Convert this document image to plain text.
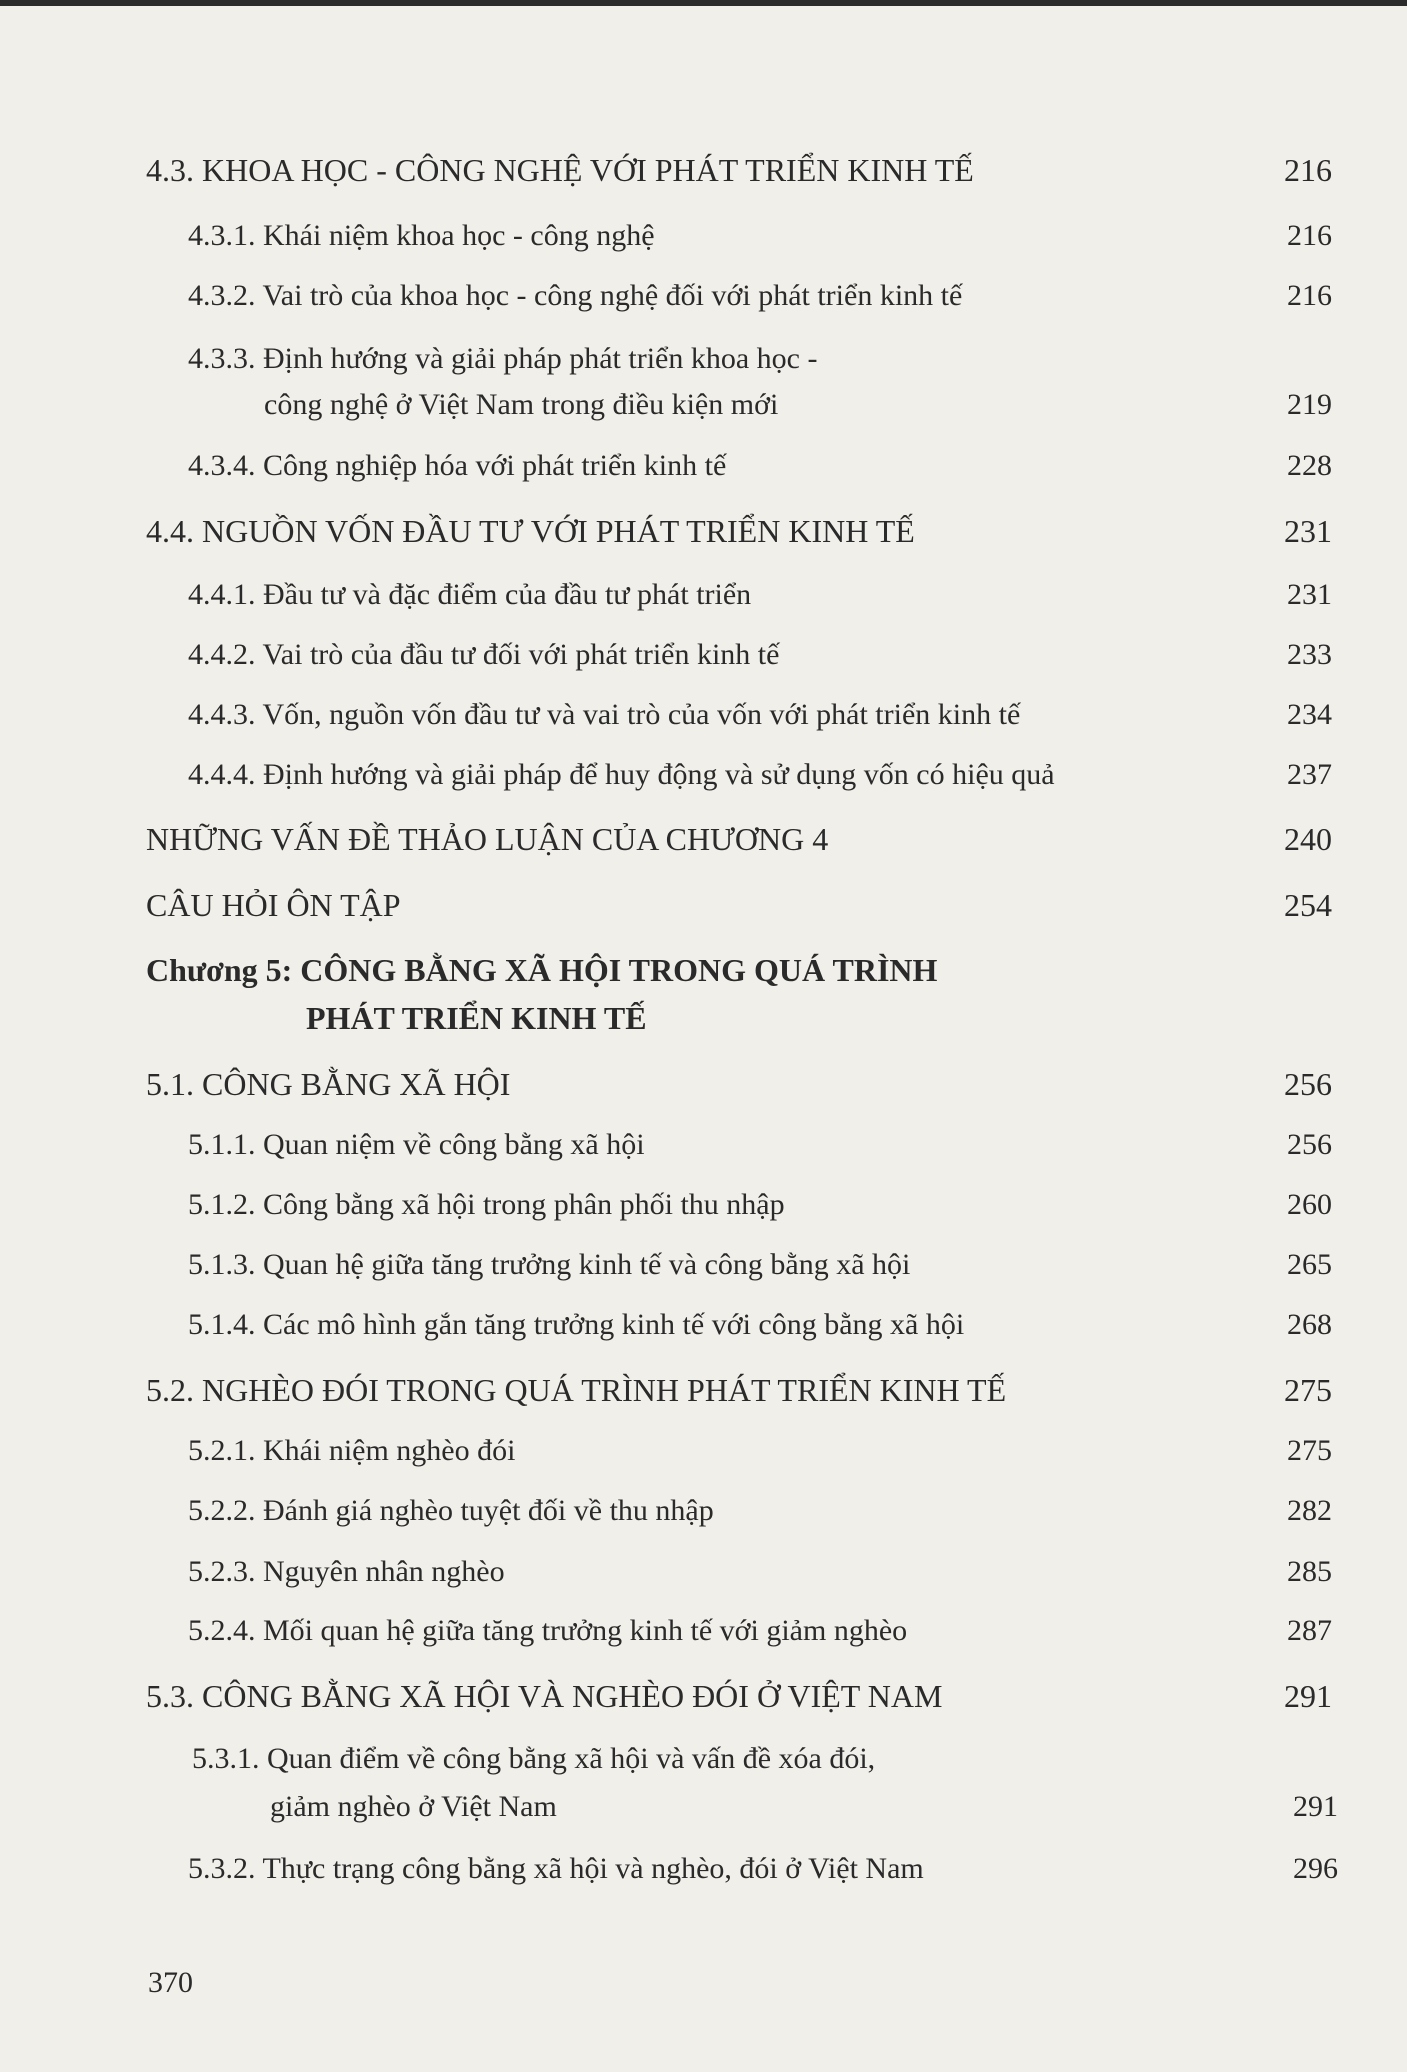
4.3. KHOA HỌC - CÔNG NGHỆ VỚI PHÁT TRIỂN KINH TẾ	216
4.3.1. Khái niệm khoa học - công nghệ	216
4.3.2. Vai trò của khoa học - công nghệ đối với phát triển kinh tế	216
4.3.3. Định hướng và giải pháp phát triển khoa học -
công nghệ ở Việt Nam trong điều kiện mới	219
4.3.4. Công nghiệp hóa với phát triển kinh tế	228
4.4. NGUỒN VỐN ĐẦU TƯ VỚI PHÁT TRIỂN KINH TẾ	231
4.4.1. Đầu tư và đặc điểm của đầu tư phát triển	231
4.4.2. Vai trò của đầu tư đối với phát triển kinh tế	233
4.4.3. Vốn, nguồn vốn đầu tư và vai trò của vốn với phát triển kinh tế	234
4.4.4. Định hướng và giải pháp để huy động và sử dụng vốn có hiệu quả	237
NHỮNG VẤN ĐỀ THẢO LUẬN CỦA CHƯƠNG 4	240
CÂU HỎI ÔN TẬP	254
Chương 5: CÔNG BẰNG XÃ HỘI TRONG QUÁ TRÌNH
PHÁT TRIỂN KINH TẾ
5.1. CÔNG BẰNG XÃ HỘI	256
5.1.1. Quan niệm về công bằng xã hội	256
5.1.2. Công bằng xã hội trong phân phối thu nhập	260
5.1.3. Quan hệ giữa tăng trưởng kinh tế và công bằng xã hội	265
5.1.4. Các mô hình gắn tăng trưởng kinh tế với công bằng xã hội	268
5.2. NGHÈO ĐÓI TRONG QUÁ TRÌNH PHÁT TRIỂN KINH TẾ	275
5.2.1. Khái niệm nghèo đói	275
5.2.2. Đánh giá nghèo tuyệt đối về thu nhập	282
5.2.3. Nguyên nhân nghèo	285
5.2.4. Mối quan hệ giữa tăng trưởng kinh tế với giảm nghèo	287
5.3. CÔNG BẰNG XÃ HỘI VÀ NGHÈO ĐÓI Ở VIỆT NAM	291
5.3.1. Quan điểm về công bằng xã hội và vấn đề xóa đói,
giảm nghèo ở Việt Nam	291
5.3.2. Thực trạng công bằng xã hội và nghèo, đói ở Việt Nam	296
370
